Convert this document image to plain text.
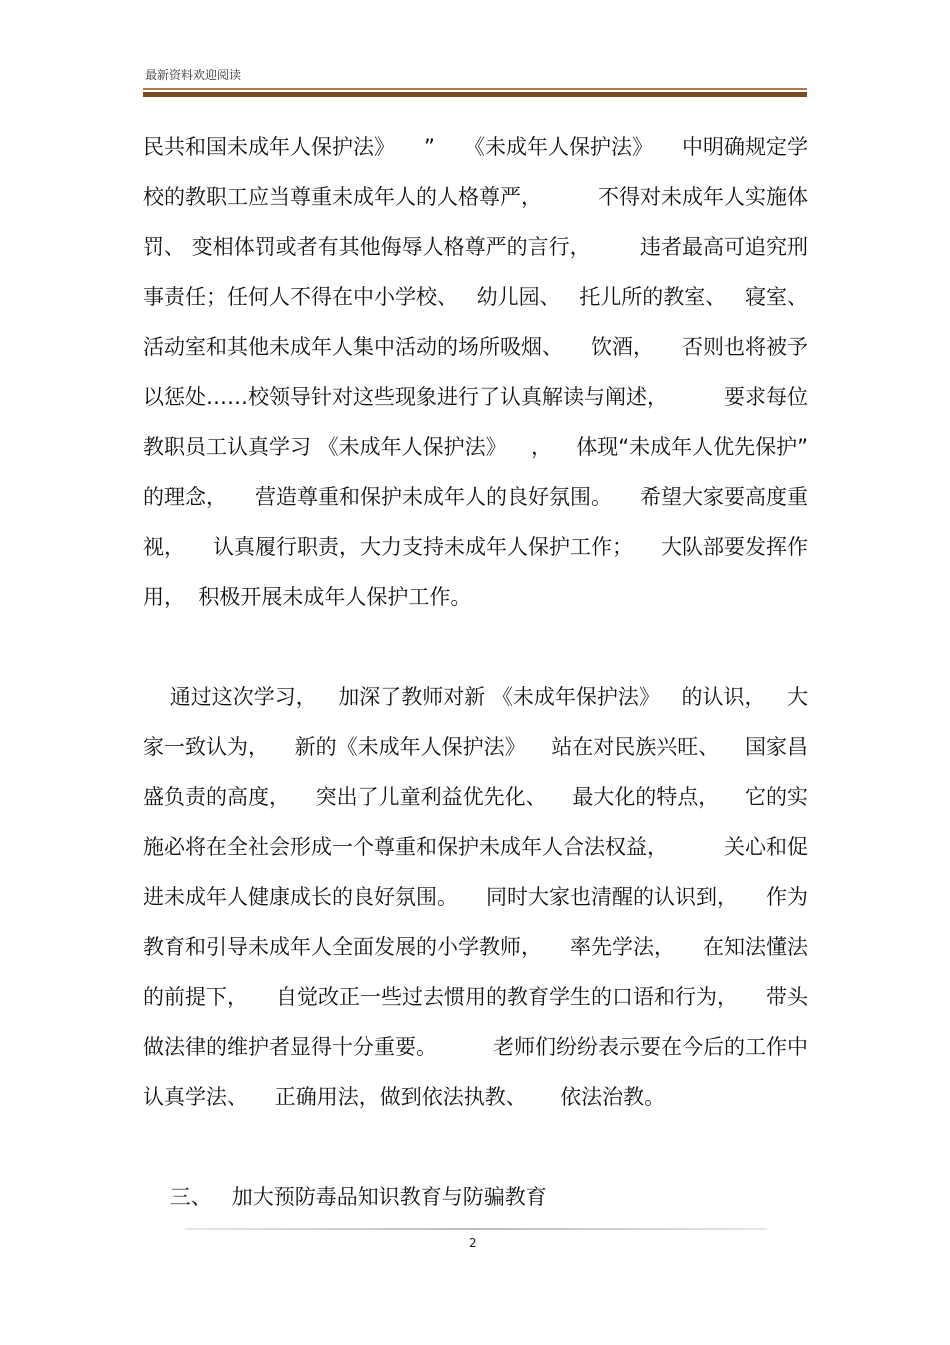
最新资料欢迎阅读
民共和国未成年人保护法》 ” 《未成年人保护法》 中明确规定学
校的教职工应当尊重未成年人的人格尊严，	不得对未成年人实施体
罚、 变相体罚或者有其他侮辱人格尊严的言行， 违者最高可追究刑
事责任；任何人不得在中小学校、 幼儿园、 托儿所的教室、 寝室、
活动室和其他未成年人集中活动的场所吸烟、 饮酒， 否则也将被予
以惩处……校领导针对这些现象进行了认真解读与阐述，	要求每位
教职员工认真学习 《未成年人保护法》 ， 体现“未成年人优先保护”
的理念， 营造尊重和保护未成年人的良好氛围。 希望大家要高度重
视， 认真履行职责，大力支持未成年人保护工作； 大队部要发挥作
用，  积极开展未成年人保护工作。
通过这次学习， 加深了教师对新 《未成年保护法》 的认识， 大
家一致认为， 新的《未成年人保护法》 站在对民族兴旺、 国家昌
盛负责的高度， 突出了儿童利益优先化、 最大化的特点， 它的实
施必将在全社会形成一个尊重和保护未成年人合法权益，	关心和促
进未成年人健康成长的良好氛围。 同时大家也清醒的认识到， 作为
教育和引导未成年人全面发展的小学教师， 率先学法， 在知法懂法
的前提下， 自觉改正一些过去惯用的教育学生的口语和行为， 带头
做法律的维护者显得十分重要。	老师们纷纷表示要在今后的工作中
认真学法、    正确用法，做到依法执教、     依法治教。
三、   加大预防毒品知识教育与防骗教育
2
